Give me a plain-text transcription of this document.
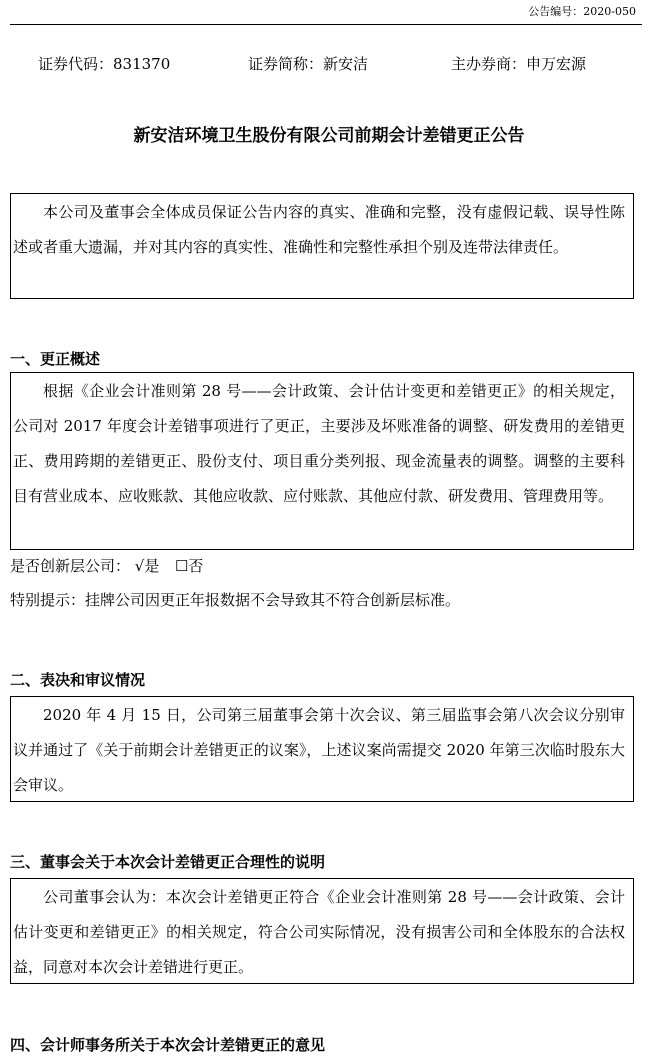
公告编号：2020-050
证券代码：831370	证券简称：新安洁	主办券商：申万宏源
新安洁环境卫生股份有限公司前期会计差错更正公告

本公司及董事会全体成员保证公告内容的真实、准确和完整，没有虚假记载、误导性陈述或者重大遗漏，并对其内容的真实性、准确性和完整性承担个别及连带法律责任。

一、更正概述

根据《企业会计准则第 28 号——会计政策、会计估计变更和差错更正》的相关规定，公司对 2017 年度会计差错事项进行了更正，主要涉及坏账准备的调整、研发费用的差错更正、费用跨期的差错更正、股份支付、项目重分类列报、现金流量表的调整。调整的主要科目有营业成本、应收账款、其他应收款、应付账款、其他应付款、研发费用、管理费用等。

是否创新层公司： √是 ☐否
特别提示：挂牌公司因更正年报数据不会导致其不符合创新层标准。
二、表决和审议情况

2020 年 4 月 15 日，公司第三届董事会第十次会议、第三届监事会第八次会议分别审议并通过了《关于前期会计差错更正的议案》，上述议案尚需提交 2020 年第三次临时股东大会审议。

三、董事会关于本次会计差错更正合理性的说明

公司董事会认为：本次会计差错更正符合《企业会计准则第 28 号——会计政策、会计估计变更和差错更正》的相关规定，符合公司实际情况，没有损害公司和全体股东的合法权益，同意对本次会计差错进行更正。

四、会计师事务所关于本次会计差错更正的意见
